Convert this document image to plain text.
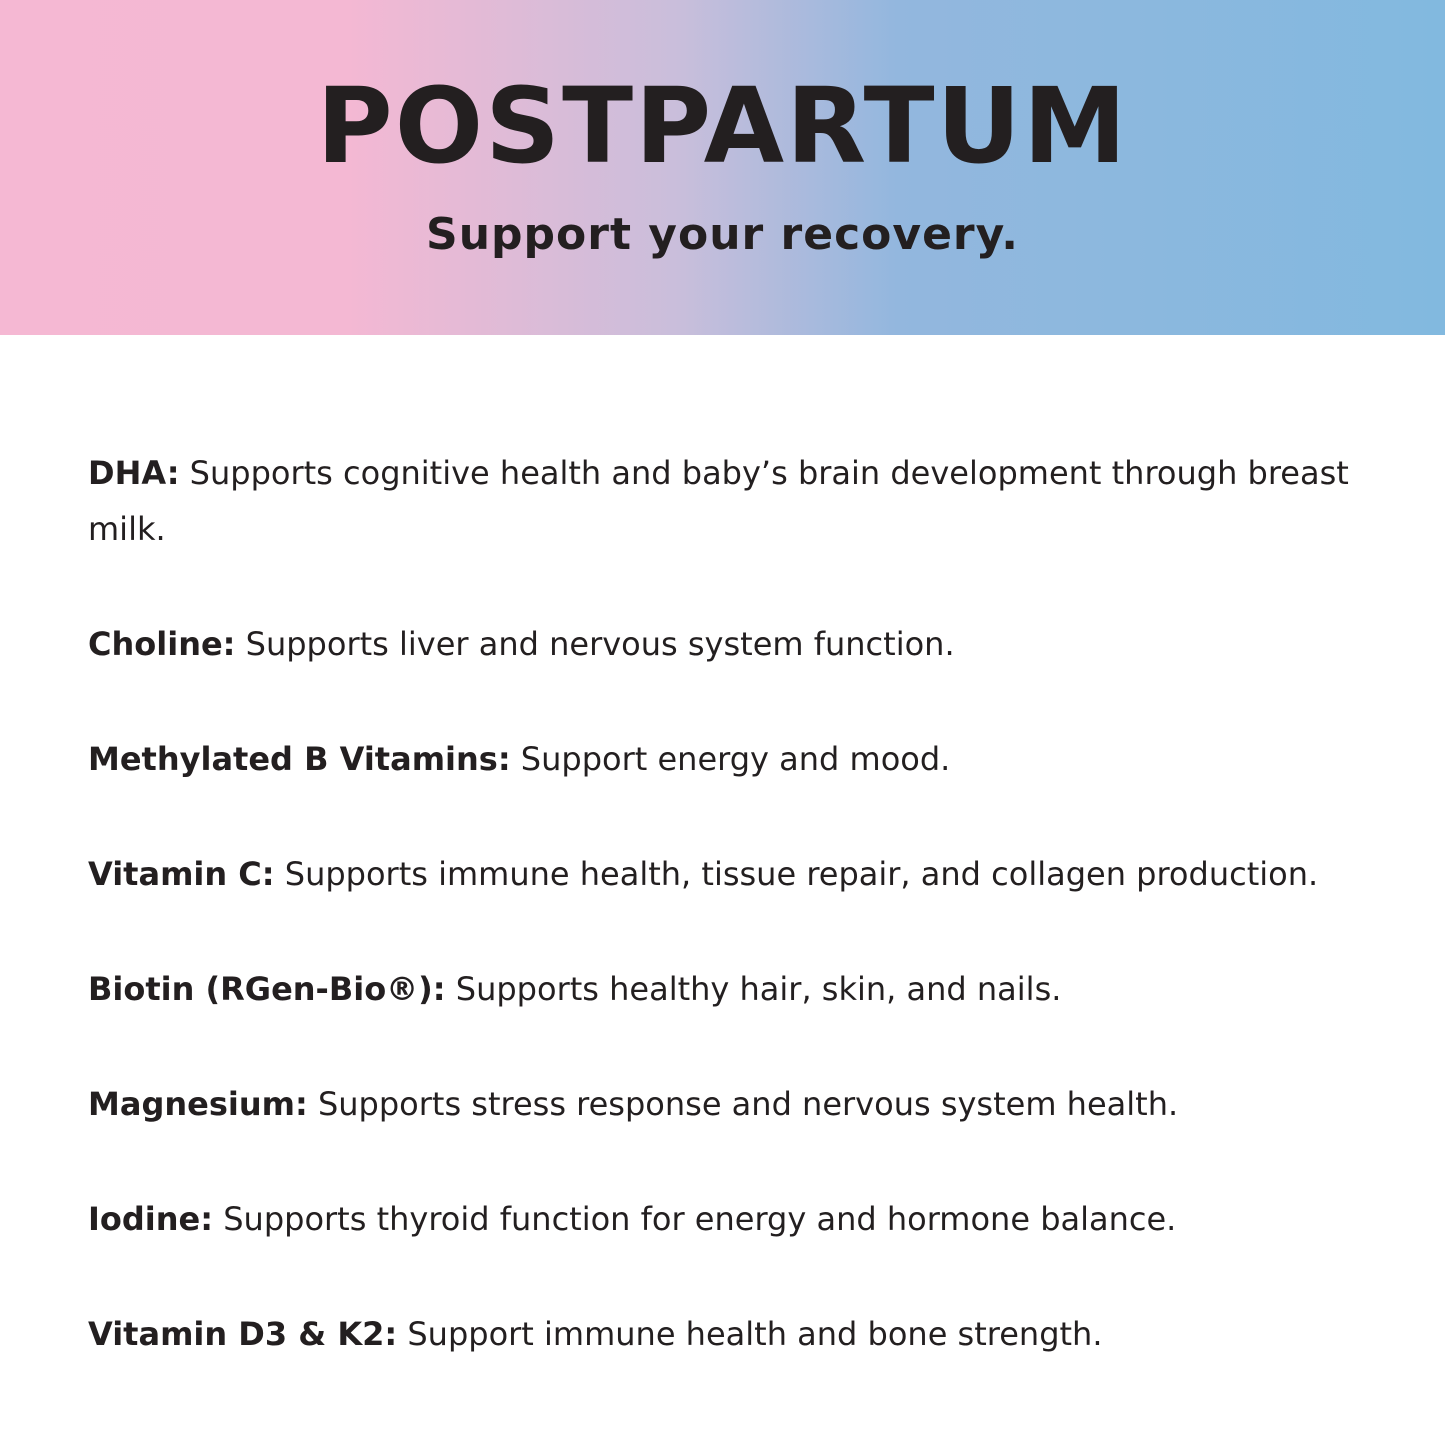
POSTPARTUM
Support your recovery.
DHA: Supports cognitive health and baby’s brain development through breast milk.
Choline: Supports liver and nervous system function.
Methylated B Vitamins: Support energy and mood.
Vitamin C: Supports immune health, tissue repair, and collagen production.
Biotin (RGen-Bio®): Supports healthy hair, skin, and nails.
Magnesium: Supports stress response and nervous system health.
Iodine: Supports thyroid function for energy and hormone balance.
Vitamin D3 & K2: Support immune health and bone strength.
